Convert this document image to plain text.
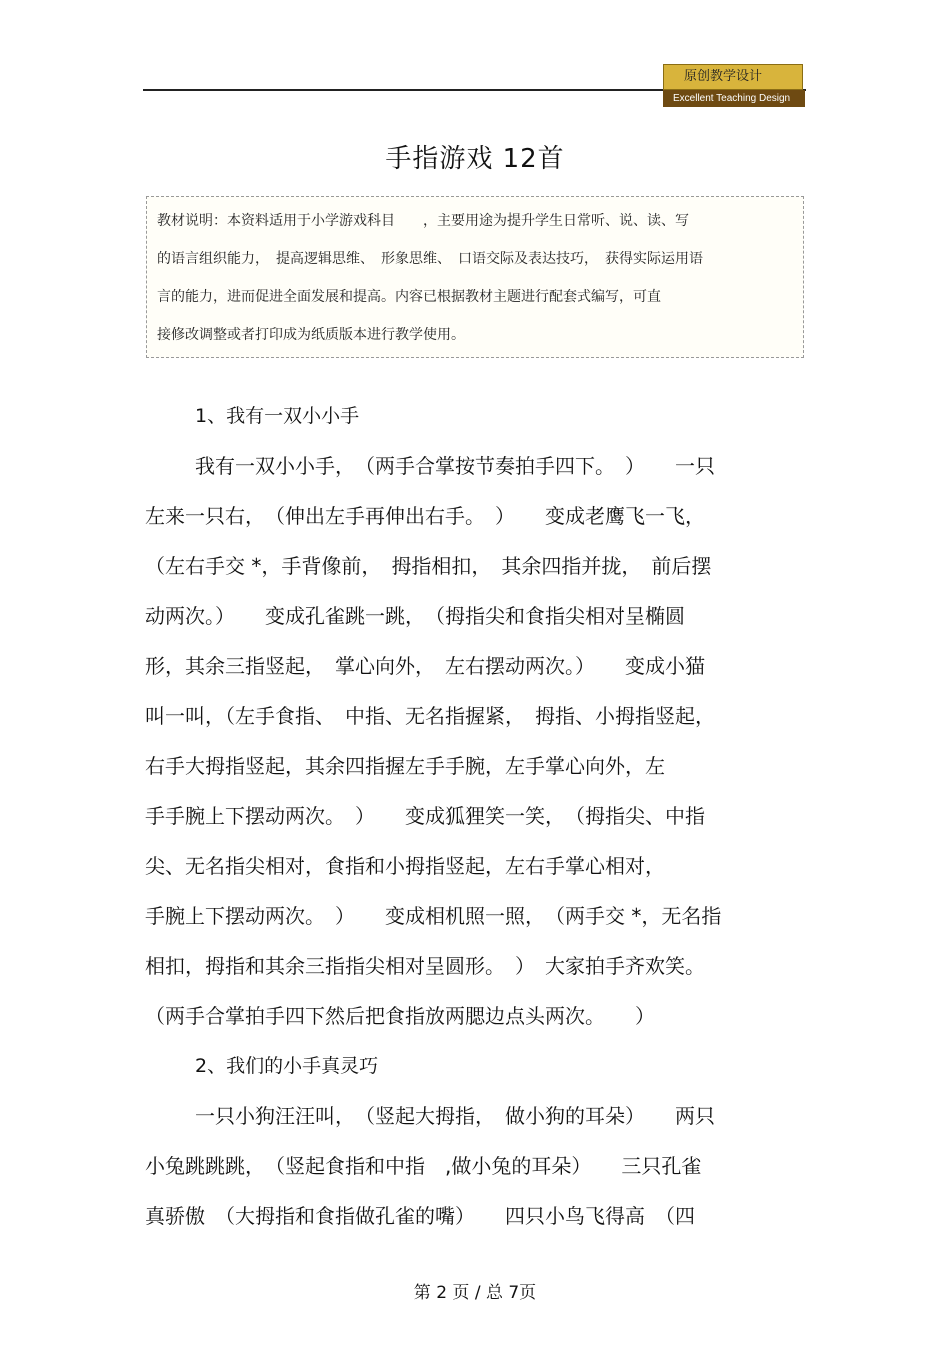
原创教学设计
Excellent Teaching Design
手指游戏 12首
教材说明：本资料适用于小学游戏科目　　，主要用途为提升学生日常听、说、读、写
的语言组织能力，　提高逻辑思维、　形象思维、　口语交际及表达技巧，　获得实际运用语
言的能力，进而促进全面发展和提高。内容已根据教材主题进行配套式编写，可直
接修改调整或者打印成为纸质版本进行教学使用。
1、我有一双小小手
我有一双小小手，　（两手合掌按节奏拍手四下。　）　　一只
左来一只右，　（伸出左手再伸出右手。　）　　变成老鹰飞一飞，
（左右手交 *，手背像前，　拇指相扣，　其余四指并拢，　前后摆
动两次。）　　变成孔雀跳一跳，　（拇指尖和食指尖相对呈椭圆
形，其余三指竖起，　掌心向外，　左右摆动两次。）　　变成小猫
叫一叫，（左手食指、　中指、无名指握紧，　拇指、小拇指竖起，
右手大拇指竖起，其余四指握左手手腕，左手掌心向外，左
手手腕上下摆动两次。　）　　变成狐狸笑一笑，　（拇指尖、中指
尖、无名指尖相对，食指和小拇指竖起，左右手掌心相对，
手腕上下摆动两次。　）　　变成相机照一照，　（两手交 *，无名指
相扣，拇指和其余三指指尖相对呈圆形。　）　大家拍手齐欢笑。
（两手合掌拍手四下然后把食指放两腮边点头两次。　　）
2、我们的小手真灵巧
一只小狗汪汪叫，　（竖起大拇指，　做小狗的耳朵）　　两只
小兔跳跳跳，　（竖起食指和中指　,做小兔的耳朵）　　三只孔雀
真骄傲　（大拇指和食指做孔雀的嘴）　　四只小鸟飞得高　（四
第 2 页 / 总 7页
